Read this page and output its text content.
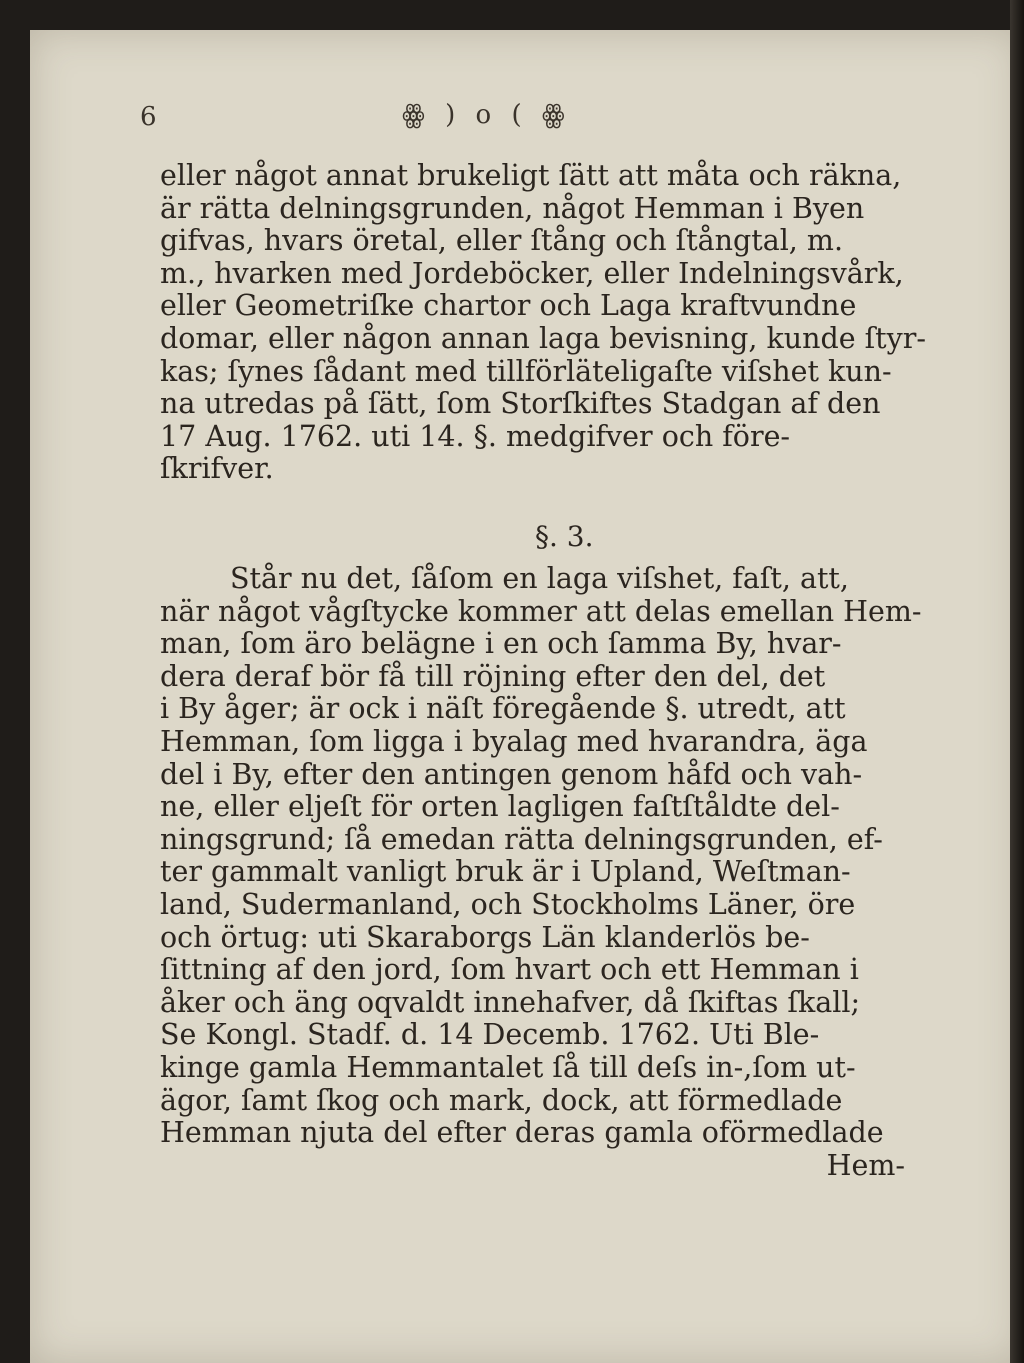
6	ꙮ ) o ( ꙮ

eller något annat brukeligt ſätt att måta och räkna,
är rätta delningsgrunden, något Hemman i Byen
gifvas, hvars öretal, eller ſtång och ſtångtal, m.
m., hvarken med Jordeböcker, eller Indelningsvårk,
eller Geometriſke chartor och Laga kraftvundne
domar, eller någon annan laga bevisning, kunde ſtyr-
kas; ſynes ſådant med tillförläteligaſte viſshet kun-
na utredas på ſätt, ſom Storſkiftes Stadgan af den
17 Aug. 1762. uti 14. §. medgifver och före-
ſkrifver.

§. 3.

Står nu det, ſåſom en laga viſshet, faſt, att,
när något vågſtycke kommer att delas emellan Hem-
man, ſom äro belägne i en och ſamma By, hvar-
dera deraf bör få till röjning efter den del, det
i By åger; är ock i näſt föregående §. utredt, att
Hemman, ſom ligga i byalag med hvarandra, äga
del i By, efter den antingen genom håfd och vah-
ne, eller eljeſt för orten lagligen faſtſtåldte del-
ningsgrund; ſå emedan rätta delningsgrunden, ef-
ter gammalt vanligt bruk är i Upland, Weſtman-
land, Sudermanland, och Stockholms Läner, öre
och örtug: uti Skaraborgs Län klanderlös be-
ſittning af den jord, ſom hvart och ett Hemman i
åker och äng oqvaldt innehafver, då ſkiftas ſkall;
Se Kongl. Stadf. d. 14 Decemb. 1762. Uti Ble-
kinge gamla Hemmantalet ſå till deſs in-,ſom ut-
ägor, ſamt ſkog och mark, dock, att förmedlade
Hemman njuta del efter deras gamla oförmedlade
Hem-
